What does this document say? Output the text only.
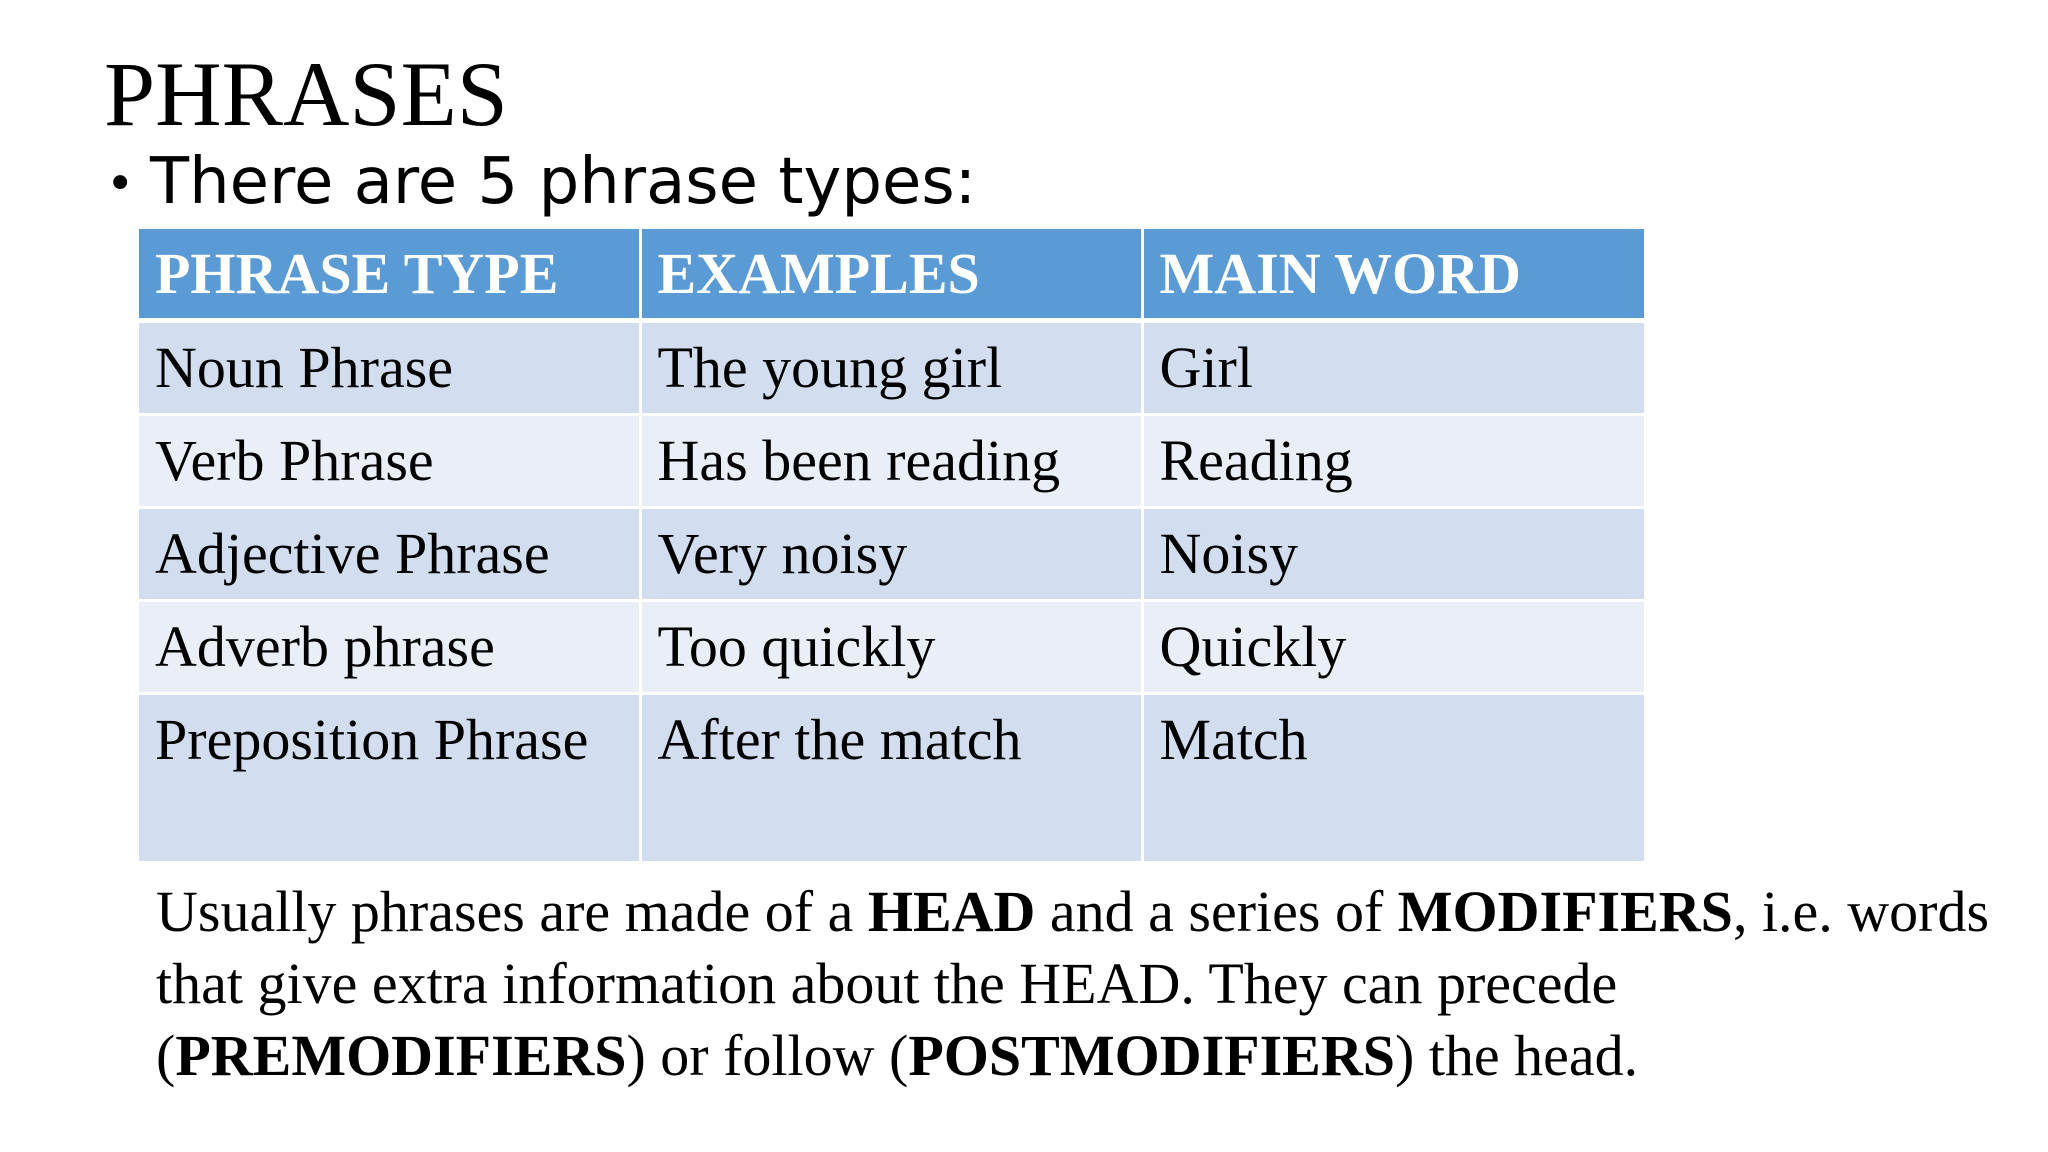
PHRASES
• There are 5 phrase types:
PHRASE TYPE	EXAMPLES	MAIN WORD
Noun Phrase	The young girl	Girl
Verb Phrase	Has been reading	Reading
Adjective Phrase	Very noisy	Noisy
Adverb phrase	Too quickly	Quickly
Preposition Phrase	After the match	Match
Usually phrases are made of a HEAD and a series of MODIFIERS, i.e. words that give extra information about the HEAD. They can precede (PREMODIFIERS) or follow (POSTMODIFIERS) the head.
